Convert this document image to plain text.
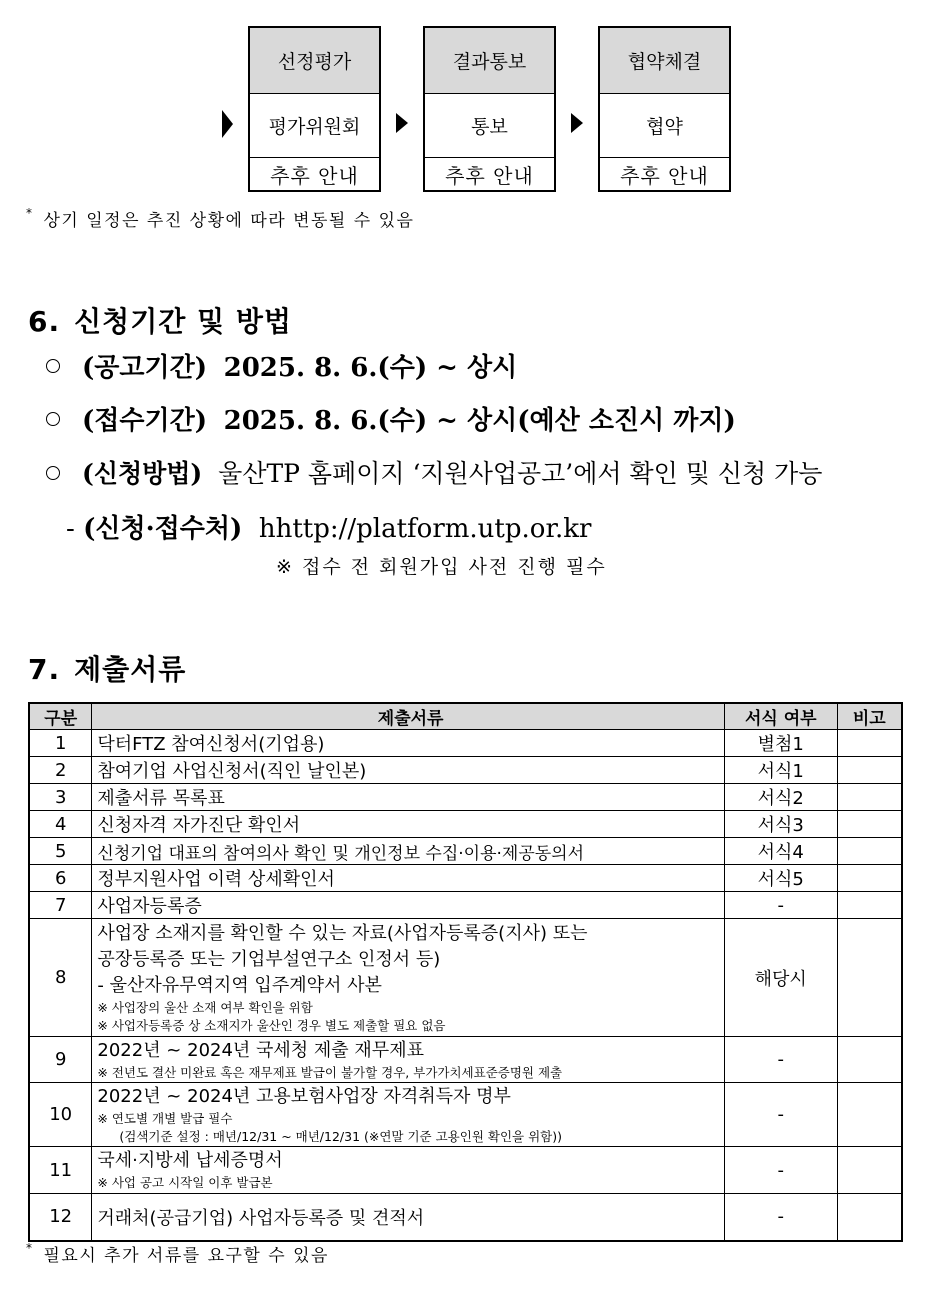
선정평가
평가위원회
추후 안내
결과통보
통보
추후 안내
협약체결
협약
추후 안내
* 상기 일정은 추진 상황에 따라 변동될 수 있음
6. 신청기간 및 방법
(공고기간) 2025. 8. 6.(수) ~ 상시
(접수기간) 2025. 8. 6.(수) ~ 상시(예산 소진시 까지)
(신청방법) 울산TP 홈페이지 ‘지원사업공고’에서 확인 및 신청 가능
- (신청·접수처) hhttp://platform.utp.or.kr
※ 접수 전 회원가입 사전 진행 필수
7. 제출서류
구분	제출서류	서식 여부	비고
1	닥터FTZ 참여신청서(기업용)	별첨1	
2	참여기업 사업신청서(직인 날인본)	서식1	
3	제출서류 목록표	서식2	
4	신청자격 자가진단 확인서	서식3	
5	신청기업 대표의 참여의사 확인 및 개인정보 수집·이용·제공동의서	서식4	
6	정부지원사업 이력 상세확인서	서식5	
7	사업자등록증	-	
8	사업장 소재지를 확인할 수 있는 자료(사업자등록증(지사) 또는
공장등록증 또는 기업부설연구소 인정서 등)
- 울산자유무역지역 입주계약서 사본
※ 사업장의 울산 소재 여부 확인을 위함
※ 사업자등록증 상 소재지가 울산인 경우 별도 제출할 필요 없음	해당시	
9	2022년 ~ 2024년 국세청 제출 재무제표
※ 전년도 결산 미완료 혹은 재무제표 발급이 불가할 경우, 부가가치세표준증명원 제출	-	
10	2022년 ~ 2024년 고용보험사업장 자격취득자 명부
※ 연도별 개별 발급 필수
(검색기준 설정 : 매년/12/31 ~ 매년/12/31 (※연말 기준 고용인원 확인을 위함))	-	
11	국세·지방세 납세증명서
※ 사업 공고 시작일 이후 발급본	-	
12	거래처(공급기업) 사업자등록증 및 견적서	-	
* 필요시 추가 서류를 요구할 수 있음
